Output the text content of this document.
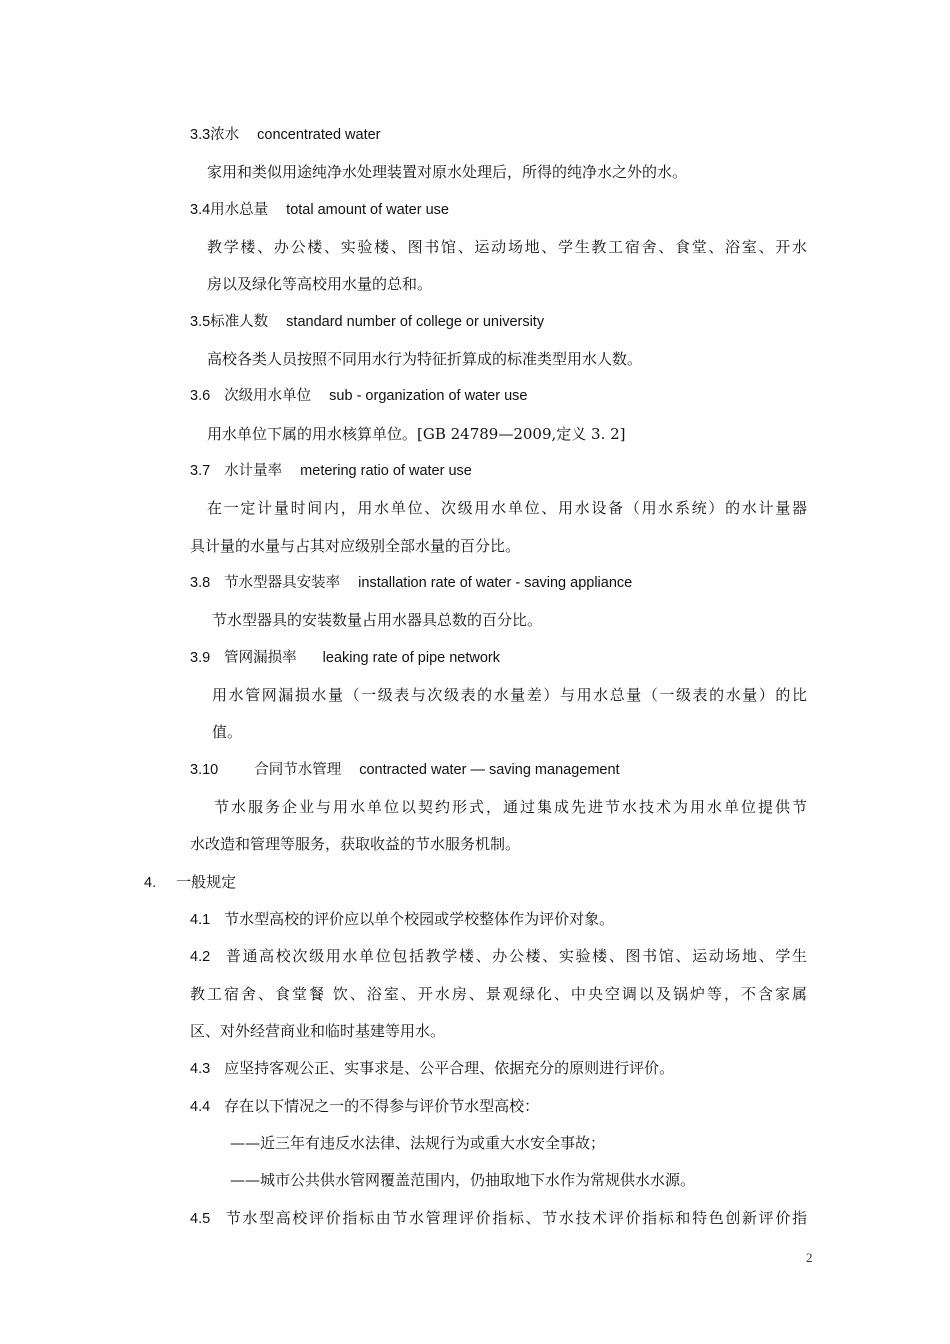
3.3浓水 concentrated water
家用和类似用途纯净水处理装置对原水处理后，所得的纯净水之外的水。
3.4用水总量 total amount of water use
教学楼、办公楼、实验楼、图书馆、运动场地、学生教工宿舍、食堂、浴室、开水
房以及绿化等高校用水量的总和。
3.5标准人数 standard number of college or university
高校各类人员按照不同用水行为特征折算成的标准类型用水人数。
3.6 次级用水单位 sub - organization of water use
用水单位下属的用水核算单位。[GB 24789—2009,定义 3. 2]
3.7 水计量率 metering ratio of water use
在一定计量时间内，用水单位、次级用水单位、用水设备（用水系统）的水计量器
具计量的水量与占其对应级别全部水量的百分比。
3.8 节水型器具安装率 installation rate of water - saving appliance
节水型器具的安装数量占用水器具总数的百分比。
3.9 管网漏损率 leaking rate of pipe network
用水管网漏损水量（一级表与次级表的水量差）与用水总量（一级表的水量）的比
值。
3.10 合同节水管理 contracted water — saving management
节水服务企业与用水单位以契约形式，通过集成先进节水技术为用水单位提供节
水改造和管理等服务，获取收益的节水服务机制。
4. 一般规定
4.1 节水型高校的评价应以单个校园或学校整体作为评价对象。
4.2 普通高校次级用水单位包括教学楼、办公楼、实验楼、图书馆、运动场地、学生
教工宿舍、食堂餐 饮、浴室、开水房、景观绿化、中央空调以及锅炉等，不含家属
区、对外经营商业和临时基建等用水。
4.3 应坚持客观公正、实事求是、公平合理、依据充分的原则进行评价。
4.4 存在以下情况之一的不得参与评价节水型高校：
——近三年有违反水法律、法规行为或重大水安全事故；
——城市公共供水管网覆盖范围内，仍抽取地下水作为常规供水水源。
4.5 节水型高校评价指标由节水管理评价指标、节水技术评价指标和特色创新评价指
2
